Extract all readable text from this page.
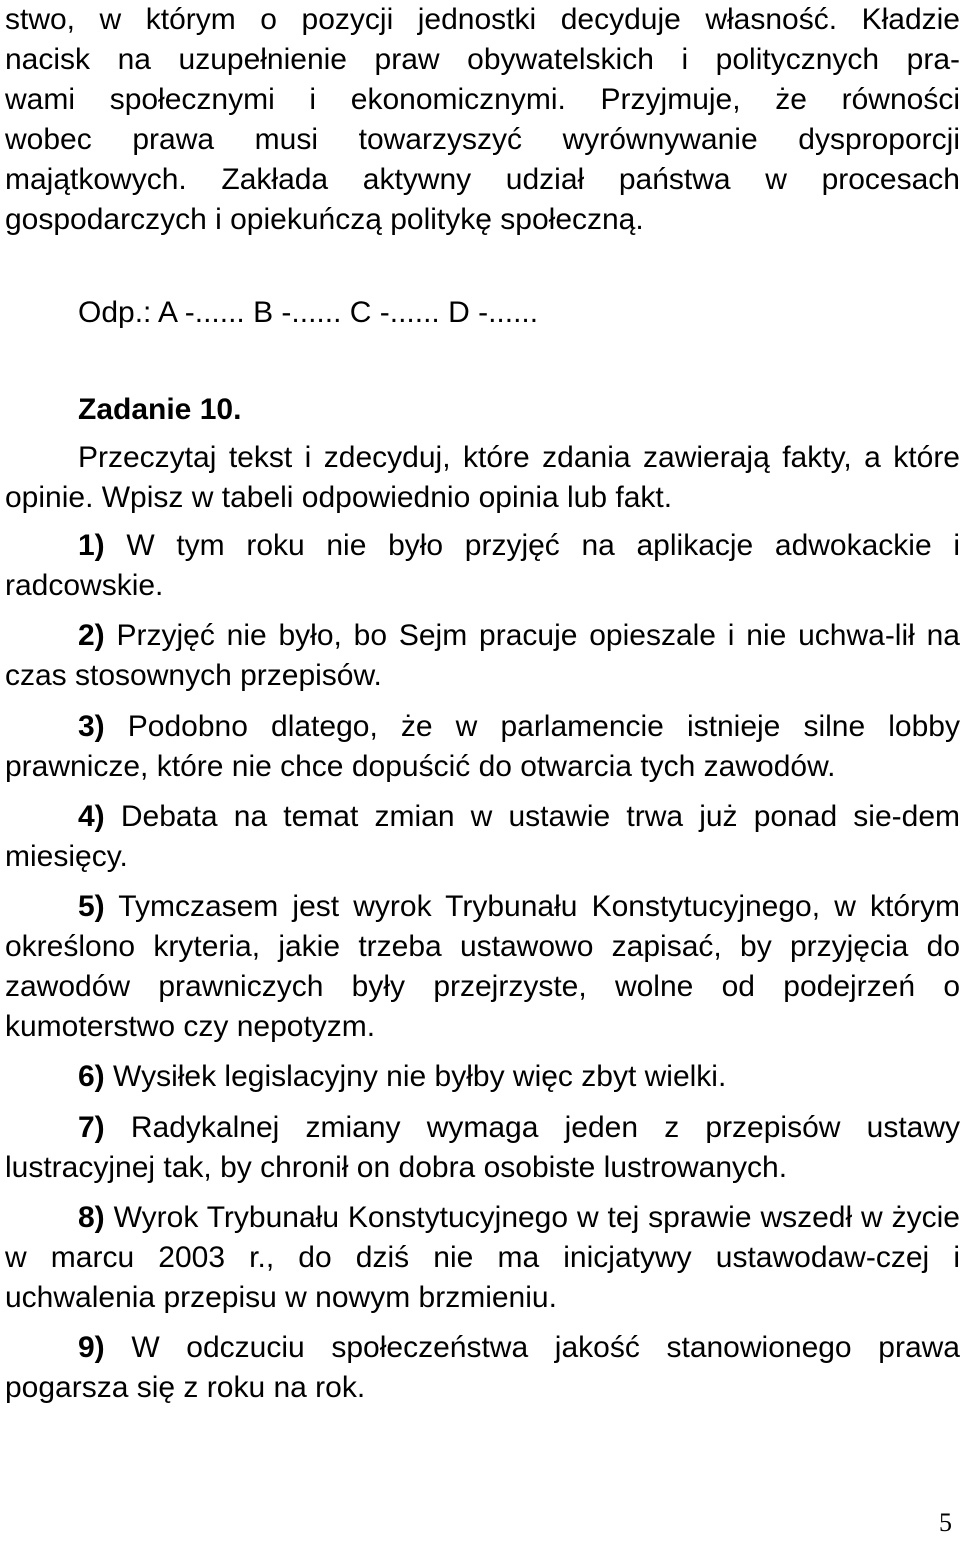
stwo, w którym o pozycji jednostki decyduje własność. Kładzie
nacisk na uzupełnienie praw obywatelskich i politycznych pra-
wami społecznymi i ekonomicznymi. Przyjmuje, że równości
wobec prawa musi towarzyszyć wyrównywanie dysproporcji
majątkowych. Zakłada aktywny udział państwa w procesach
gospodarczych i opiekuńczą politykę społeczną.

Odp.: A -...... B -...... C -...... D -......

Zadanie 10.

Przeczytaj tekst i zdecyduj, które zdania zawierają fakty, a które opinie. Wpisz w tabeli odpowiednio opinia lub fakt.

1) W tym roku nie było przyjęć na aplikacje adwokackie i radcowskie.

2) Przyjęć nie było, bo Sejm pracuje opieszale i nie uchwa-lił na czas stosownych przepisów.

3) Podobno dlatego, że w parlamencie istnieje silne lobby prawnicze, które nie chce dopuścić do otwarcia tych zawodów.

4) Debata na temat zmian w ustawie trwa już ponad sie-dem miesięcy.

5) Tymczasem jest wyrok Trybunału Konstytucyjnego, w którym określono kryteria, jakie trzeba ustawowo zapisać, by przyjęcia do zawodów prawniczych były przejrzyste, wolne od podejrzeń o kumoterstwo czy nepotyzm.

6) Wysiłek legislacyjny nie byłby więc zbyt wielki.

7) Radykalnej zmiany wymaga jeden z przepisów ustawy lustracyjnej tak, by chronił on dobra osobiste lustrowanych.

8) Wyrok Trybunału Konstytucyjnego w tej sprawie wszedł w życie w marcu 2003 r., do dziś nie ma inicjatywy ustawodaw-czej i uchwalenia przepisu w nowym brzmieniu.

9) W odczuciu społeczeństwa jakość stanowionego prawa pogarsza się z roku na rok.

5
